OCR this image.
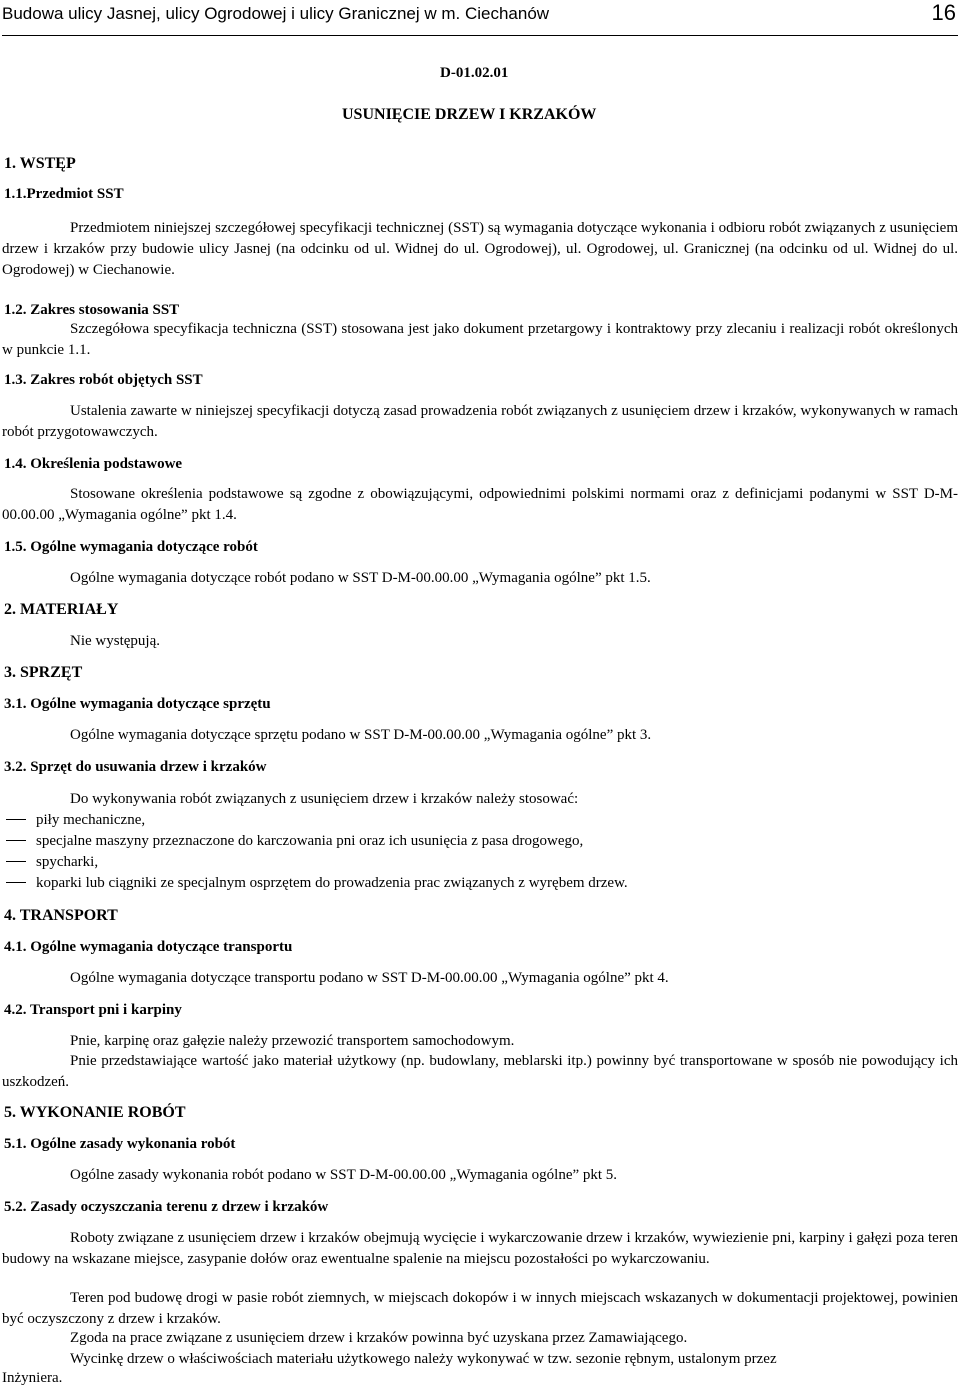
Budowa ulicy Jasnej, ulicy Ogrodowej i ulicy Granicznej w m. Ciechanów	16
D-01.02.01
USUNIĘCIE DRZEW I KRZAKÓW
1. WSTĘP
1.1.Przedmiot SST
Przedmiotem niniejszej szczegółowej specyfikacji technicznej (SST) są wymagania dotyczące wykonania i odbioru robót związanych z usunięciem drzew i krzaków przy budowie ulicy Jasnej (na odcinku od ul. Widnej do ul. Ogrodowej), ul. Ogrodowej, ul. Granicznej (na odcinku od ul. Widnej do ul. Ogrodowej) w Ciechanowie.
1.2. Zakres stosowania SST
Szczegółowa specyfikacja techniczna (SST) stosowana jest jako dokument przetargowy i kontraktowy przy zlecaniu i realizacji robót określonych w punkcie 1.1.
1.3. Zakres robót objętych SST
Ustalenia zawarte w niniejszej specyfikacji dotyczą zasad prowadzenia robót związanych z usunięciem drzew i krzaków, wykonywanych w ramach robót przygotowawczych.
1.4. Określenia podstawowe
Stosowane określenia podstawowe są zgodne z obowiązującymi, odpowiednimi polskimi normami oraz z definicjami podanymi w SST D-M-00.00.00 „Wymagania ogólne” pkt 1.4.
1.5. Ogólne wymagania dotyczące robót
Ogólne wymagania dotyczące robót podano w SST D-M-00.00.00 „Wymagania ogólne” pkt 1.5.
2. MATERIAŁY
Nie występują.
3. SPRZĘT
3.1. Ogólne wymagania dotyczące sprzętu
Ogólne wymagania dotyczące sprzętu podano w SST D-M-00.00.00 „Wymagania ogólne” pkt 3.
3.2. Sprzęt do usuwania drzew i krzaków
Do wykonywania robót związanych z usunięciem drzew i krzaków należy stosować:
piły mechaniczne,
specjalne maszyny przeznaczone do karczowania pni oraz ich usunięcia z pasa drogowego,
spycharki,
koparki lub ciągniki ze specjalnym osprzętem do prowadzenia prac związanych z wyrębem drzew.
4. TRANSPORT
4.1. Ogólne wymagania dotyczące transportu
Ogólne wymagania dotyczące transportu podano w SST D-M-00.00.00 „Wymagania ogólne” pkt 4.
4.2. Transport pni i karpiny
Pnie, karpinę oraz gałęzie należy przewozić transportem samochodowym.
Pnie przedstawiające wartość jako materiał użytkowy (np. budowlany, meblarski itp.) powinny być transportowane w sposób nie powodujący ich uszkodzeń.
5. WYKONANIE ROBÓT
5.1. Ogólne zasady wykonania robót
Ogólne zasady wykonania robót podano w SST D-M-00.00.00 „Wymagania ogólne” pkt 5.
5.2. Zasady oczyszczania terenu z drzew i krzaków
Roboty związane z usunięciem drzew i krzaków obejmują wycięcie i wykarczowanie drzew i krzaków, wywiezienie pni, karpiny i gałęzi poza teren budowy na wskazane miejsce, zasypanie dołów oraz ewentualne spalenie na miejscu pozostałości po wykarczowaniu.
Teren pod budowę drogi w pasie robót ziemnych, w miejscach dokopów i w innych miejscach wskazanych w dokumentacji projektowej, powinien być oczyszczony z drzew i krzaków.
Zgoda na prace związane z usunięciem drzew i krzaków powinna być uzyskana przez Zamawiającego.
Wycinkę drzew o właściwościach materiału użytkowego należy wykonywać w tzw. sezonie rębnym, ustalonym przez
Inżyniera.
